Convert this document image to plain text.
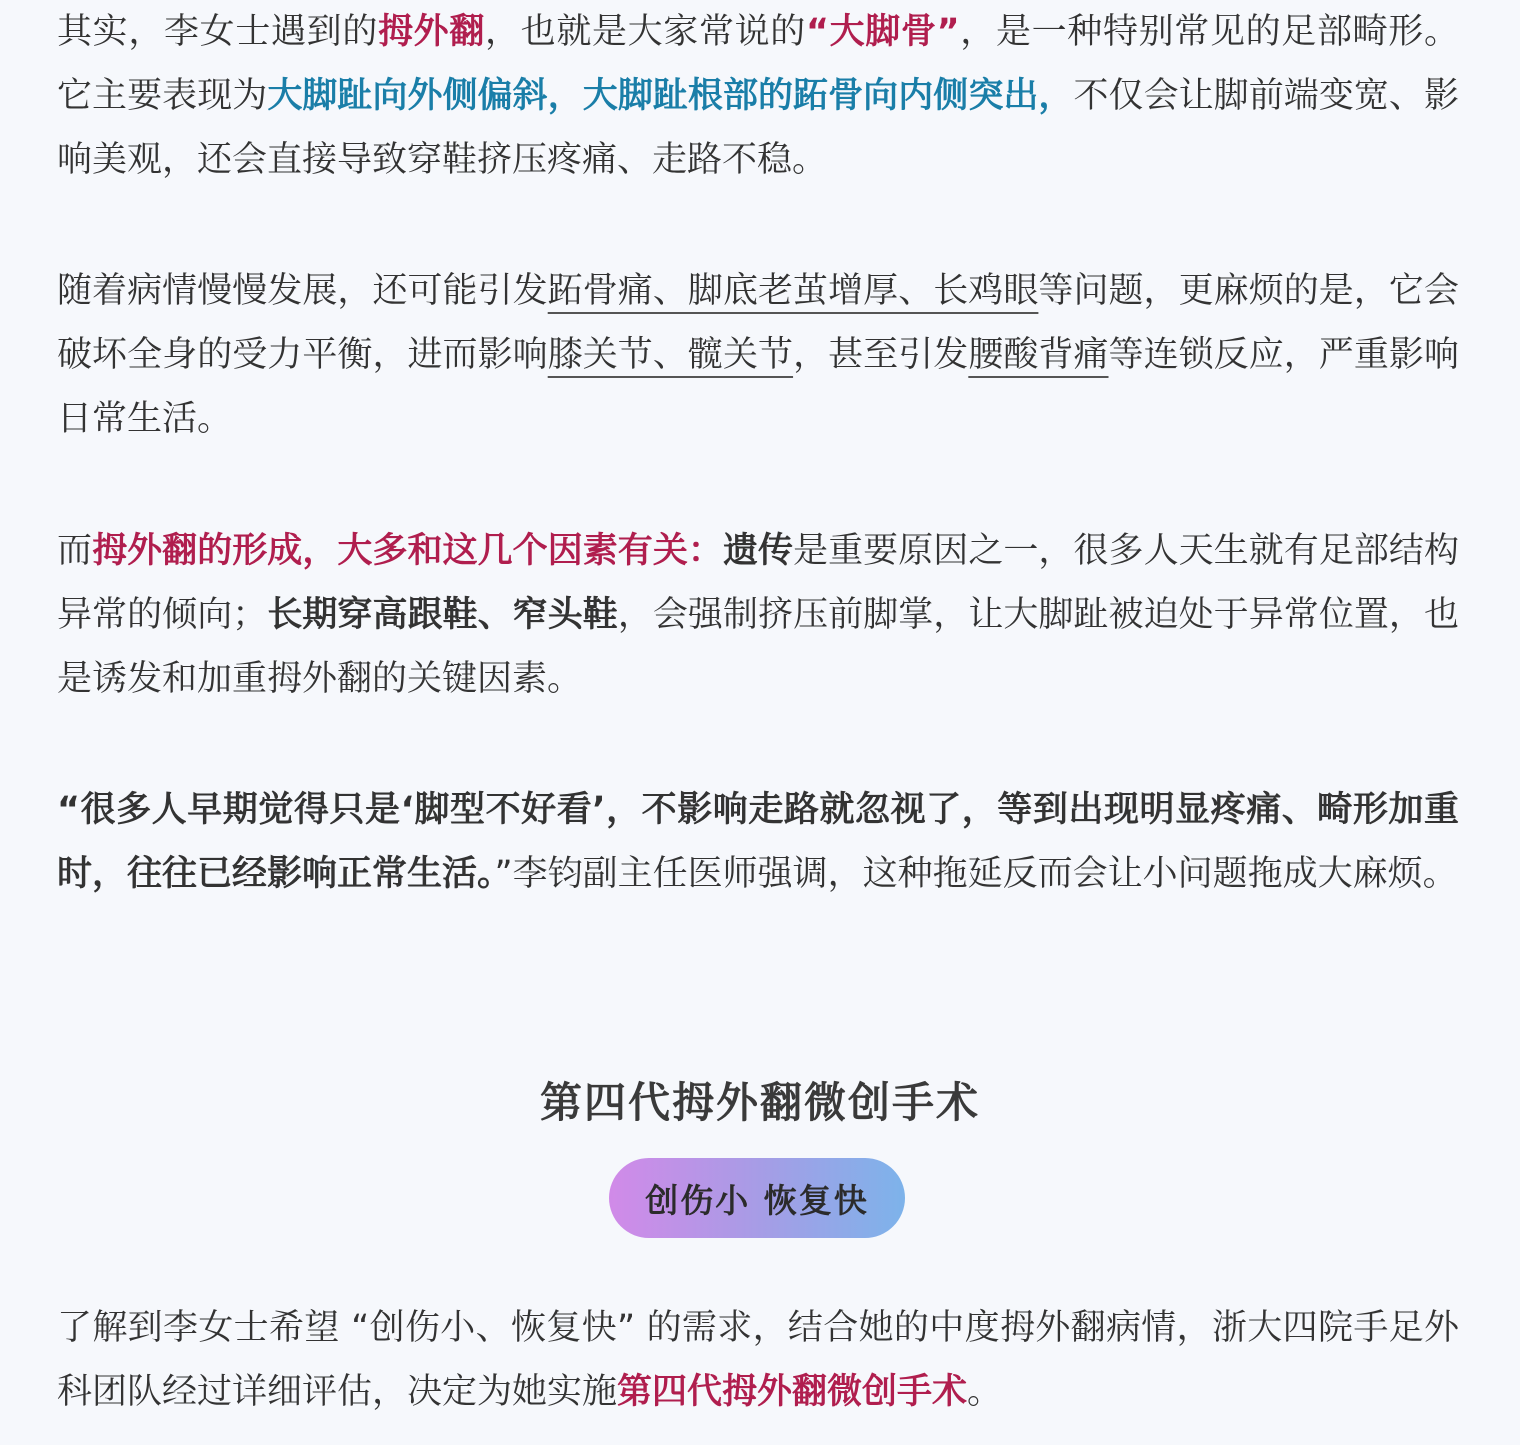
其实，李女士遇到的拇外翻，也就是大家常说的“大脚骨”，是一种特别常见的足部畸形。它主要表现为大脚趾向外侧偏斜，大脚趾根部的跖骨向内侧突出，不仅会让脚前端变宽、影响美观，还会直接导致穿鞋挤压疼痛、走路不稳。

随着病情慢慢发展，还可能引发跖骨痛、脚底老茧增厚、长鸡眼等问题，更麻烦的是，它会破坏全身的受力平衡，进而影响膝关节、髋关节，甚至引发腰酸背痛等连锁反应，严重影响日常生活。

而拇外翻的形成，大多和这几个因素有关：遗传是重要原因之一，很多人天生就有足部结构异常的倾向；长期穿高跟鞋、窄头鞋，会强制挤压前脚掌，让大脚趾被迫处于异常位置，也是诱发和加重拇外翻的关键因素。

“很多人早期觉得只是‘脚型不好看’，不影响走路就忽视了，等到出现明显疼痛、畸形加重时，往往已经影响正常生活。”李钧副主任医师强调，这种拖延反而会让小问题拖成大麻烦。

第四代拇外翻微创手术
创伤小 恢复快

了解到李女士希望 “创伤小、恢复快” 的需求，结合她的中度拇外翻病情，浙大四院手足外科团队经过详细评估，决定为她实施第四代拇外翻微创手术。
